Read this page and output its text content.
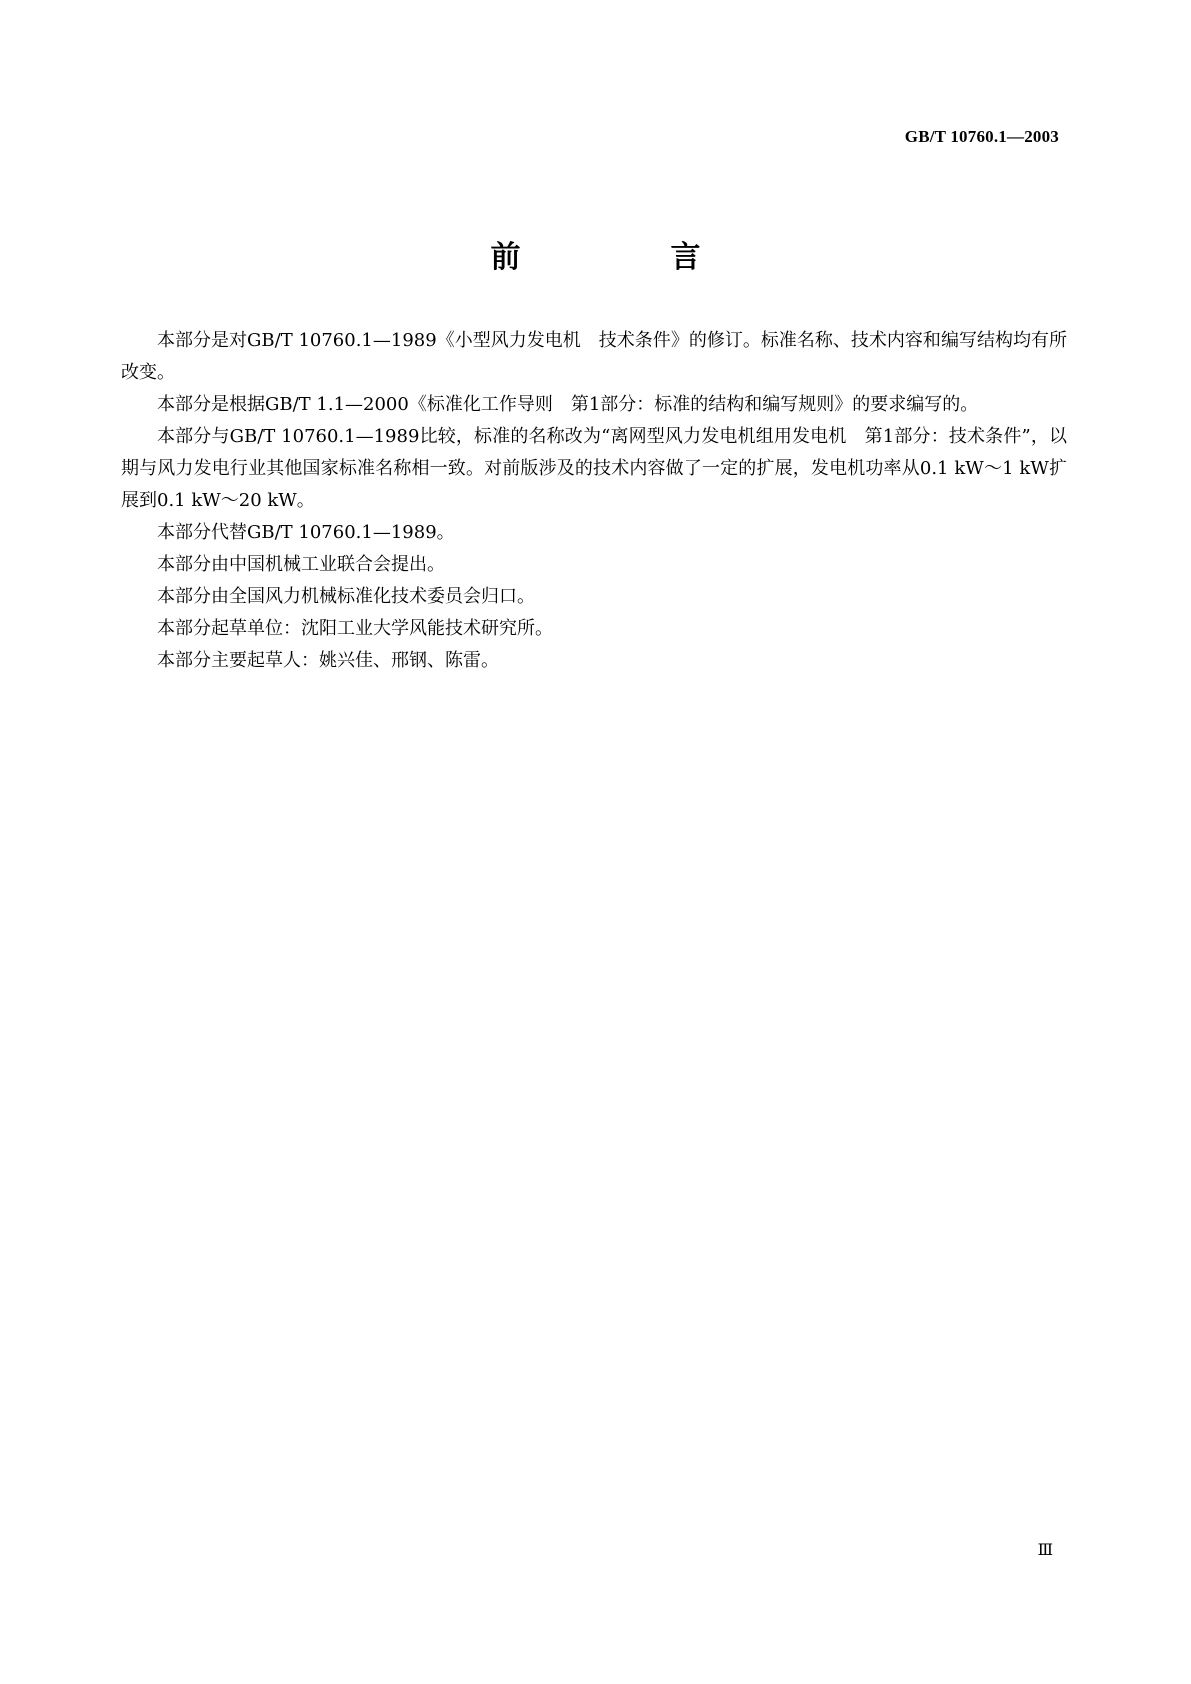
GB/T 10760.1—2003
前　言

本部分是对GB/T 10760.1—1989《小型风力发电机　技术条件》的修订。标准名称、技术内容和编写结构均有所改变。

本部分是根据GB/T 1.1—2000《标准化工作导则　第1部分：标准的结构和编写规则》的要求编写的。

本部分与GB/T 10760.1—1989比较，标准的名称改为“离网型风力发电机组用发电机　第1部分：技术条件”，以期与风力发电行业其他国家标准名称相一致。对前版涉及的技术内容做了一定的扩展，发电机功率从0.1 kW～1 kW扩展到0.1 kW～20 kW。

本部分代替GB/T 10760.1—1989。

本部分由中国机械工业联合会提出。

本部分由全国风力机械标准化技术委员会归口。

本部分起草单位：沈阳工业大学风能技术研究所。

本部分主要起草人：姚兴佳、邢钢、陈雷。

Ⅲ
